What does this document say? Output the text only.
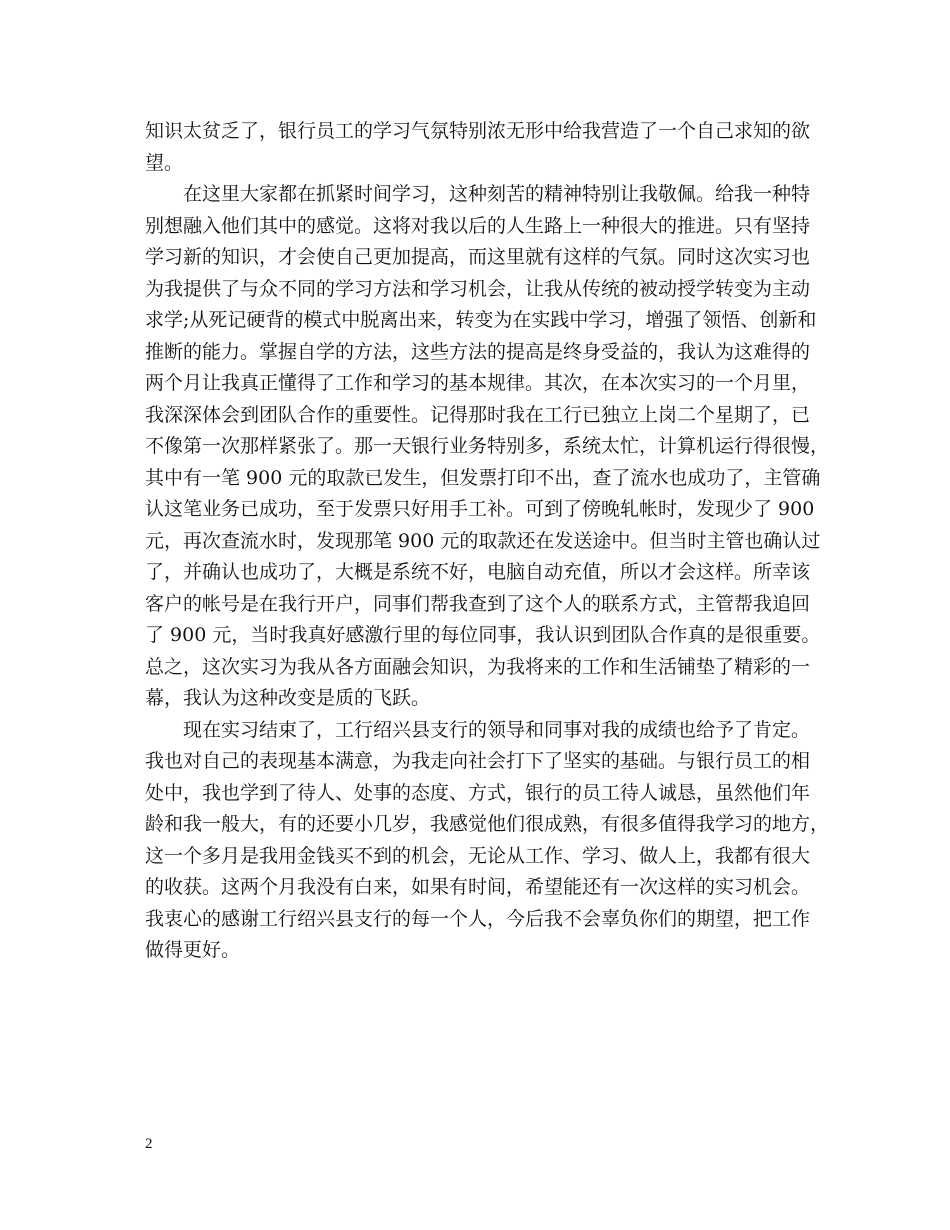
知识太贫乏了，银行员工的学习气氛特别浓无形中给我营造了一个自己求知的欲
望。

在这里大家都在抓紧时间学习，这种刻苦的精神特别让我敬佩。给我一种特
别想融入他们其中的感觉。这将对我以后的人生路上一种很大的推进。只有坚持
学习新的知识，才会使自己更加提高，而这里就有这样的气氛。同时这次实习也
为我提供了与众不同的学习方法和学习机会，让我从传统的被动授学转变为主动
求学;从死记硬背的模式中脱离出来，转变为在实践中学习，增强了领悟、创新和
推断的能力。掌握自学的方法，这些方法的提高是终身受益的，我认为这难得的
两个月让我真正懂得了工作和学习的基本规律。其次，在本次实习的一个月里，
我深深体会到团队合作的重要性。记得那时我在工行已独立上岗二个星期了，已
不像第一次那样紧张了。那一天银行业务特别多，系统太忙，计算机运行得很慢，
其中有一笔 900 元的取款已发生，但发票打印不出，查了流水也成功了，主管确
认这笔业务已成功，至于发票只好用手工补。可到了傍晚轧帐时，发现少了 900
元，再次查流水时，发现那笔 900 元的取款还在发送途中。但当时主管也确认过
了，并确认也成功了，大概是系统不好，电脑自动充值，所以才会这样。所幸该
客户的帐号是在我行开户，同事们帮我查到了这个人的联系方式，主管帮我追回
了 900 元，当时我真好感激行里的每位同事，我认识到团队合作真的是很重要。
总之，这次实习为我从各方面融会知识，为我将来的工作和生活铺垫了精彩的一
幕，我认为这种改变是质的飞跃。

现在实习结束了，工行绍兴县支行的领导和同事对我的成绩也给予了肯定。
我也对自己的表现基本满意，为我走向社会打下了坚实的基础。与银行员工的相
处中，我也学到了待人、处事的态度、方式，银行的员工待人诚恳，虽然他们年
龄和我一般大，有的还要小几岁，我感觉他们很成熟，有很多值得我学习的地方，
这一个多月是我用金钱买不到的机会，无论从工作、学习、做人上，我都有很大
的收获。这两个月我没有白来，如果有时间，希望能还有一次这样的实习机会。
我衷心的感谢工行绍兴县支行的每一个人，今后我不会辜负你们的期望，把工作
做得更好。

2
